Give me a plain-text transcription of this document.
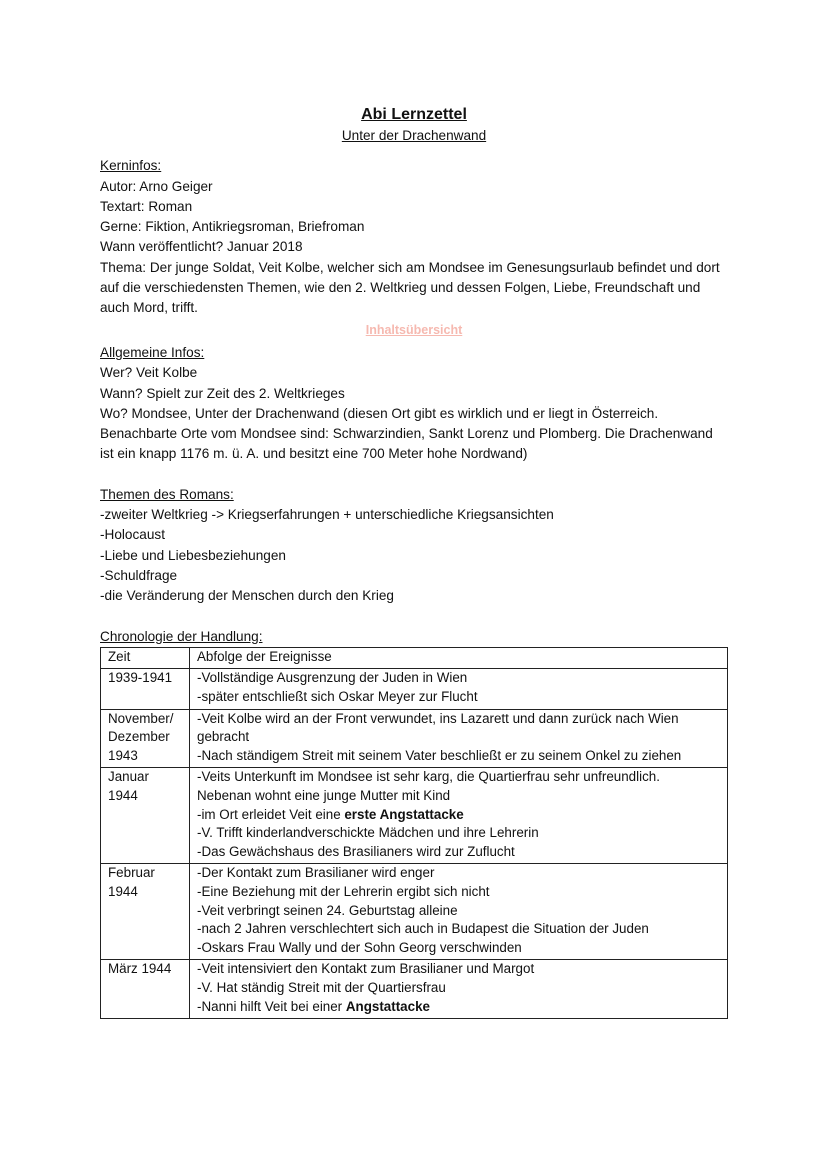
Abi Lernzettel
Unter der Drachenwand
Kerninfos:
Autor: Arno Geiger
Textart: Roman
Gerne: Fiktion, Antikriegsroman, Briefroman
Wann veröffentlicht? Januar 2018
Thema: Der junge Soldat, Veit Kolbe, welcher sich am Mondsee im Genesungsurlaub befindet und dort auf die verschiedensten Themen, wie den 2. Weltkrieg und dessen Folgen, Liebe, Freundschaft und auch Mord, trifft.
Inhaltsübersicht
Allgemeine Infos:
Wer? Veit Kolbe
Wann? Spielt zur Zeit des 2. Weltkrieges
Wo? Mondsee, Unter der Drachenwand (diesen Ort gibt es wirklich und er liegt in Österreich. Benachbarte Orte vom Mondsee sind: Schwarzindien, Sankt Lorenz und Plomberg. Die Drachenwand ist ein knapp 1176 m. ü. A. und besitzt eine 700 Meter hohe Nordwand)
Themen des Romans:
-zweiter Weltkrieg -> Kriegserfahrungen + unterschiedliche Kriegsansichten
-Holocaust
-Liebe und Liebesbeziehungen
-Schuldfrage
-die Veränderung der Menschen durch den Krieg
Chronologie der Handlung:
Zeit	Abfolge der Ereignisse

1939-1941	-Vollständige Ausgrenzung der Juden in Wien
-später entschließt sich Oskar Meyer zur Flucht

November/
Dezember
1943	-Veit Kolbe wird an der Front verwundet, ins Lazarett und dann zurück nach Wien
gebracht
-Nach ständigem Streit mit seinem Vater beschließt er zu seinem Onkel zu ziehen

Januar
1944	-Veits Unterkunft im Mondsee ist sehr karg, die Quartierfrau sehr unfreundlich.
Nebenan wohnt eine junge Mutter mit Kind
-im Ort erleidet Veit eine erste Angstattacke
-V. Trifft kinderlandverschickte Mädchen und ihre Lehrerin
-Das Gewächshaus des Brasilianers wird zur Zuflucht

Februar
1944	-Der Kontakt zum Brasilianer wird enger
-Eine Beziehung mit der Lehrerin ergibt sich nicht
-Veit verbringt seinen 24. Geburtstag alleine
-nach 2 Jahren verschlechtert sich auch in Budapest die Situation der Juden
-Oskars Frau Wally und der Sohn Georg verschwinden

März 1944	-Veit intensiviert den Kontakt zum Brasilianer und Margot
-V. Hat ständig Streit mit der Quartiersfrau
-Nanni hilft Veit bei einer Angstattacke
